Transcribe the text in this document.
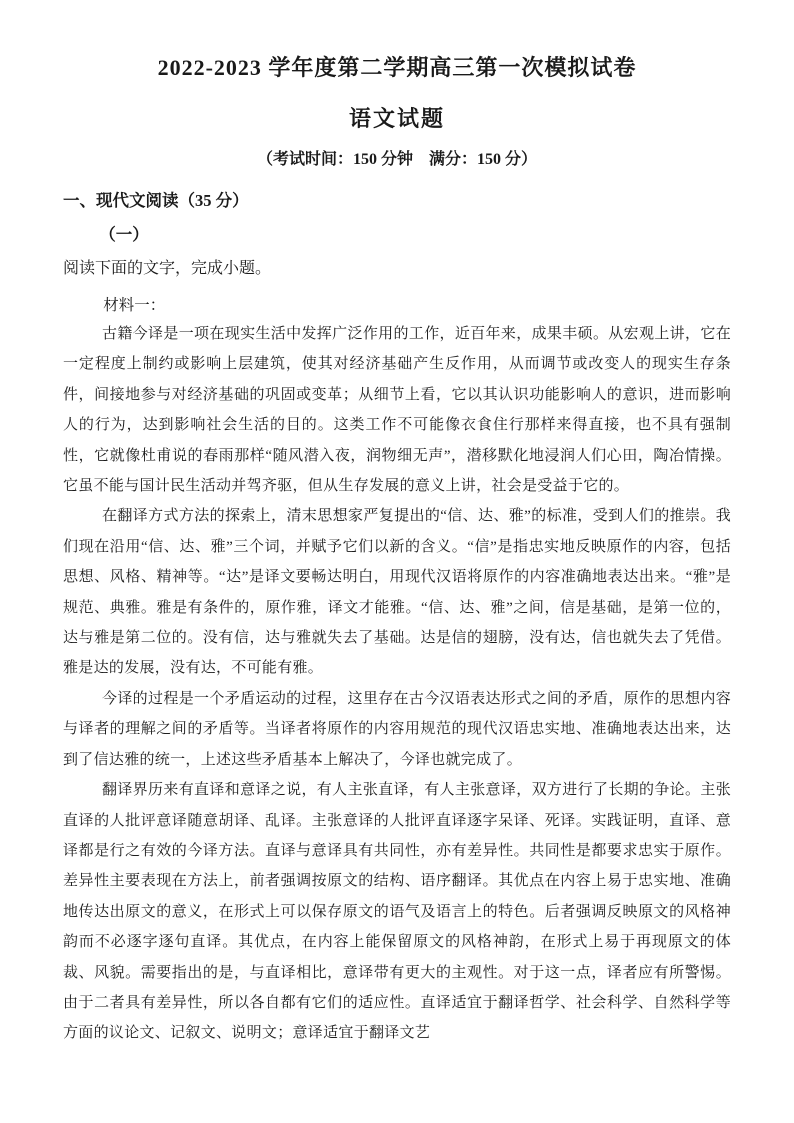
2022-2023 学年度第二学期高三第一次模拟试卷
语文试题
（考试时间：150 分钟　满分：150 分）
一、现代文阅读（35 分）
（一）
阅读下面的文字，完成小题。
材料一：

古籍今译是一项在现实生活中发挥广泛作用的工作，近百年来，成果丰硕。从宏观上讲，它在一定程度上制约或影响上层建筑，使其对经济基础产生反作用，从而调节或改变人的现实生存条件，间接地参与对经济基础的巩固或变革；从细节上看，它以其认识功能影响人的意识，进而影响人的行为，达到影响社会生活的目的。这类工作不可能像衣食住行那样来得直接，也不具有强制性，它就像杜甫说的春雨那样“随风潜入夜，润物细无声”，潜移默化地浸润人们心田，陶冶情操。它虽不能与国计民生活动并驾齐驱，但从生存发展的意义上讲，社会是受益于它的。

在翻译方式方法的探索上，清末思想家严复提出的“信、达、雅”的标准，受到人们的推崇。我们现在沿用“信、达、雅”三个词，并赋予它们以新的含义。“信”是指忠实地反映原作的内容，包括思想、风格、精神等。“达”是译文要畅达明白，用现代汉语将原作的内容准确地表达出来。“雅”是规范、典雅。雅是有条件的，原作雅，译文才能雅。“信、达、雅”之间，信是基础，是第一位的，达与雅是第二位的。没有信，达与雅就失去了基础。达是信的翅膀，没有达，信也就失去了凭借。雅是达的发展，没有达，不可能有雅。

今译的过程是一个矛盾运动的过程，这里存在古今汉语表达形式之间的矛盾，原作的思想内容与译者的理解之间的矛盾等。当译者将原作的内容用规范的现代汉语忠实地、准确地表达出来，达到了信达雅的统一，上述这些矛盾基本上解决了，今译也就完成了。

翻译界历来有直译和意译之说，有人主张直译，有人主张意译，双方进行了长期的争论。主张直译的人批评意译随意胡译、乱译。主张意译的人批评直译逐字呆译、死译。实践证明，直译、意译都是行之有效的今译方法。直译与意译具有共同性，亦有差异性。共同性是都要求忠实于原作。差异性主要表现在方法上，前者强调按原文的结构、语序翻译。其优点在内容上易于忠实地、准确地传达出原文的意义，在形式上可以保存原文的语气及语言上的特色。后者强调反映原文的风格神韵而不必逐字逐句直译。其优点，在内容上能保留原文的风格神韵，在形式上易于再现原文的体裁、风貌。需要指出的是，与直译相比，意译带有更大的主观性。对于这一点，译者应有所警惕。由于二者具有差异性，所以各自都有它们的适应性。直译适宜于翻译哲学、社会科学、自然科学等方面的议论文、记叙文、说明文；意译适宜于翻译文艺
